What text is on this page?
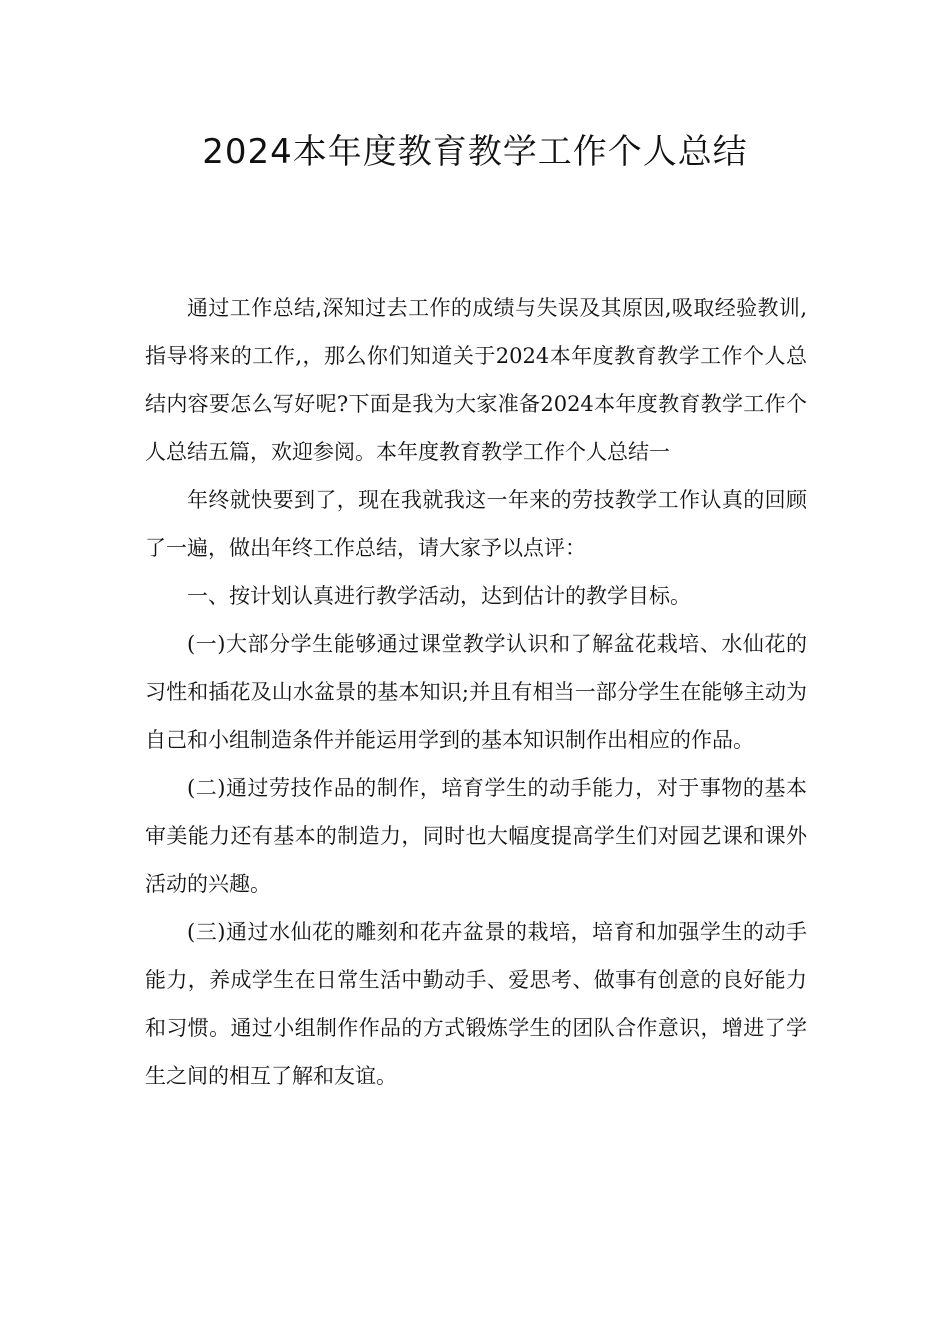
2024本年度教育教学工作个人总结

通过工作总结,深知过去工作的成绩与失误及其原因,吸取经验教训,指导将来的工作,，那么你们知道关于2024本年度教育教学工作个人总结内容要怎么写好呢?下面是我为大家准备2024本年度教育教学工作个人总结五篇，欢迎参阅。本年度教育教学工作个人总结一

年终就快要到了，现在我就我这一年来的劳技教学工作认真的回顾了一遍，做出年终工作总结，请大家予以点评：

一、按计划认真进行教学活动，达到估计的教学目标。

(一)大部分学生能够通过课堂教学认识和了解盆花栽培、水仙花的习性和插花及山水盆景的基本知识;并且有相当一部分学生在能够主动为自己和小组制造条件并能运用学到的基本知识制作出相应的作品。

(二)通过劳技作品的制作，培育学生的动手能力，对于事物的基本审美能力还有基本的制造力，同时也大幅度提高学生们对园艺课和课外活动的兴趣。

(三)通过水仙花的雕刻和花卉盆景的栽培，培育和加强学生的动手能力，养成学生在日常生活中勤动手、爱思考、做事有创意的良好能力和习惯。通过小组制作作品的方式锻炼学生的团队合作意识，增进了学生之间的相互了解和友谊。
